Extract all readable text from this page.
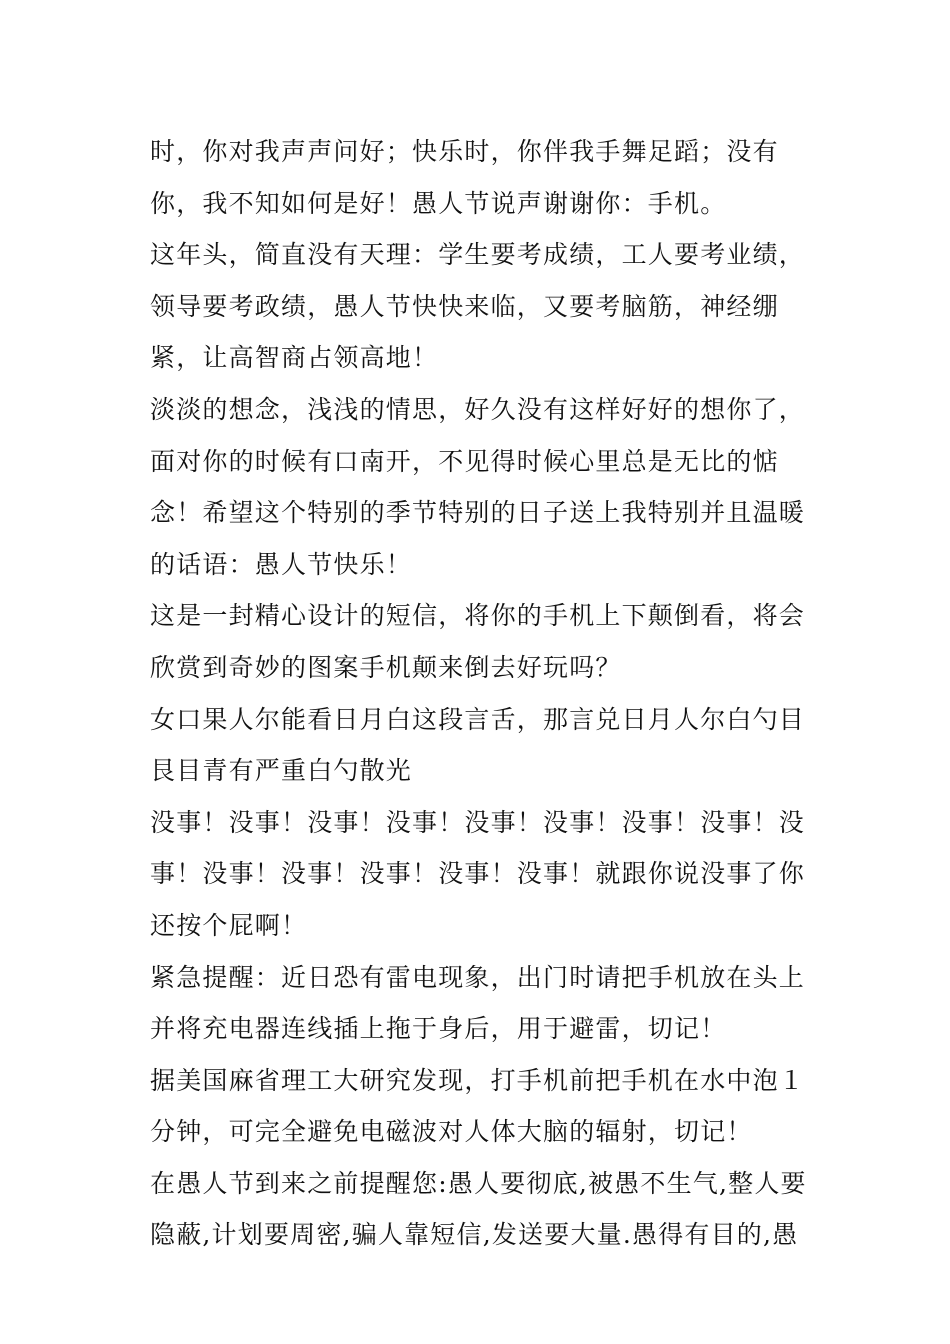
时，你对我声声问好；快乐时，你伴我手舞足蹈；没有
你，我不知如何是好！愚人节说声谢谢你：手机。
这年头，简直没有天理：学生要考成绩，工人要考业绩，
领导要考政绩，愚人节快快来临，又要考脑筋，神经绷
紧，让高智商占领高地！
淡淡的想念，浅浅的情思，好久没有这样好好的想你了，
面对你的时候有口南开，不见得时候心里总是无比的惦
念！希望这个特别的季节特别的日子送上我特别并且温暖
的话语：愚人节快乐！
这是一封精心设计的短信，将你的手机上下颠倒看，将会
欣赏到奇妙的图案手机颠来倒去好玩吗？
女口果人尔能看日月白这段言舌，那言兑日月人尔白勺目
艮目青有严重白勺散光
没事！没事！没事！没事！没事！没事！没事！没事！没
事！没事！没事！没事！没事！没事！就跟你说没事了你
还按个屁啊！
紧急提醒：近日恐有雷电现象，出门时请把手机放在头上
并将充电器连线插上拖于身后，用于避雷，切记！
据美国麻省理工大研究发现，打手机前把手机在水中泡１
分钟，可完全避免电磁波对人体大脑的辐射，切记！
在愚人节到来之前提醒您:愚人要彻底,被愚不生气,整人要
隐蔽,计划要周密,骗人靠短信,发送要大量.愚得有目的,愚
